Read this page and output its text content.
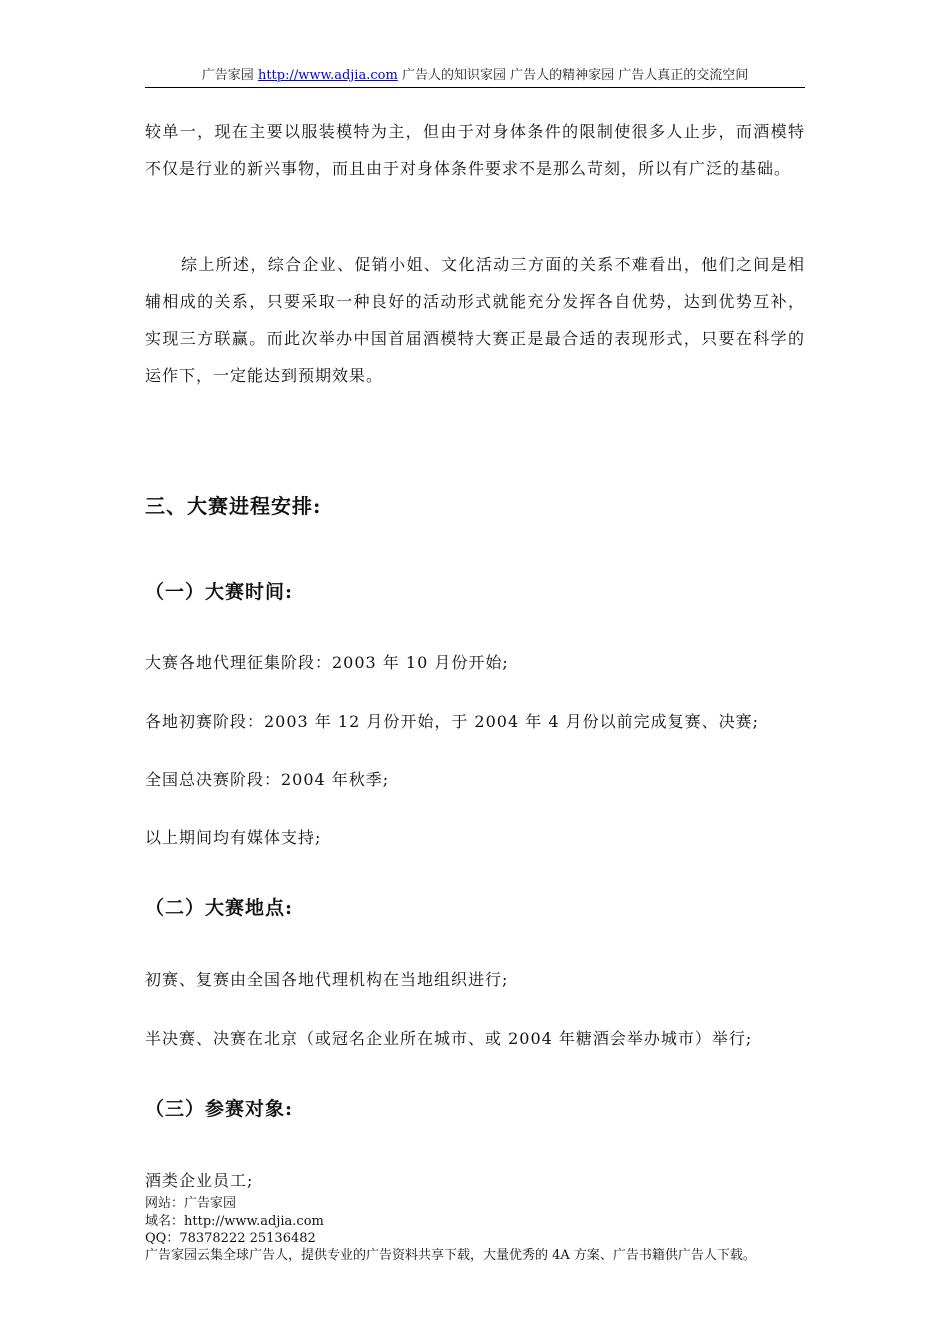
广告家园 http://www.adjia.com 广告人的知识家园 广告人的精神家园 广告人真正的交流空间
较单一，现在主要以服装模特为主，但由于对身体条件的限制使很多人止步，而酒模特不仅是行业的新兴事物，而且由于对身体条件要求不是那么苛刻，所以有广泛的基础。
综上所述，综合企业、促销小姐、文化活动三方面的关系不难看出，他们之间是相辅相成的关系，只要采取一种良好的活动形式就能充分发挥各自优势，达到优势互补，实现三方联赢。而此次举办中国首届酒模特大赛正是最合适的表现形式，只要在科学的运作下，一定能达到预期效果。
三、大赛进程安排:
（一）大赛时间:
大赛各地代理征集阶段：2003 年 10 月份开始;
各地初赛阶段：2003 年 12 月份开始，于 2004 年 4 月份以前完成复赛、决赛;
全国总决赛阶段：2004 年秋季;
以上期间均有媒体支持;
（二）大赛地点:
初赛、复赛由全国各地代理机构在当地组织进行;
半决赛、决赛在北京（或冠名企业所在城市、或 2004 年糖酒会举办城市）举行;
（三）参赛对象:
酒类企业员工;
网站：广告家园
域名：http://www.adjia.com
QQ：78378222 25136482
广告家园云集全球广告人，提供专业的广告资料共享下载，大量优秀的 4A 方案、广告书籍供广告人下载。
